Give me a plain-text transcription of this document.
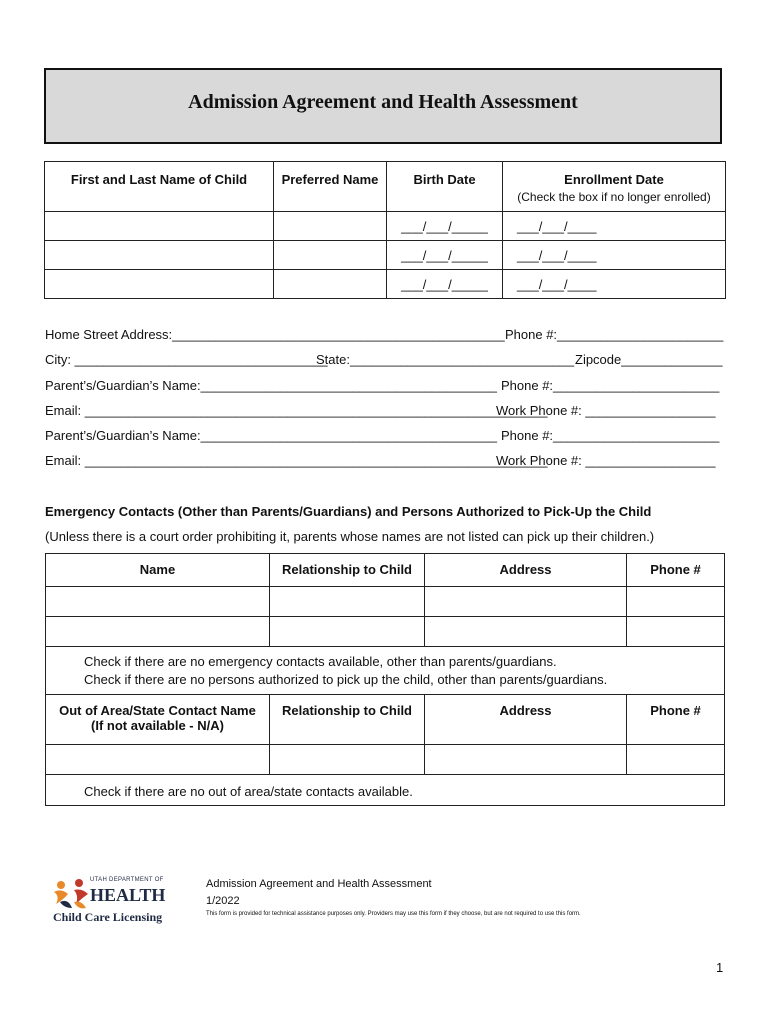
Admission Agreement and Health Assessment
First and Last Name of Child	Preferred Name	Birth Date	Enrollment Date
(Check the box if no longer enrolled)

		___/___/_____	___/___/____
		___/___/_____	___/___/____
		___/___/_____	___/___/____
Home Street Address:______________________________________________ Phone #:_______________________
City: ___________________________________
State:_______________________________ Zipcode______________
Parent’s/Guardian’s Name:_________________________________________ Phone #:_______________________
Email: ________________________________________________________________
Work Phone #: __________________
Parent’s/Guardian’s Name:_________________________________________ Phone #:_______________________
Email: ________________________________________________________________
Work Phone #: __________________
Emergency Contacts (Other than Parents/Guardians) and Persons Authorized to Pick-Up the Child
(Unless there is a court order prohibiting it, parents whose names are not listed can pick up their children.)
Name	Relationship to Child	Address	Phone #

Check if there are no emergency contacts available, other than parents/guardians.
Check if there are no persons authorized to pick up the child, other than parents/guardians.			

Out of Area/State Contact Name
(If not available - N/A)	Relationship to Child	Address	Phone #

Check if there are no out of area/state contacts available.			
UTAH DEPARTMENT OF
HEALTH
Child Care Licensing
Admission Agreement and Health Assessment
1/2022
This form is provided for technical assistance purposes only. Providers may use this form if they choose, but are not required to use this form.
1
